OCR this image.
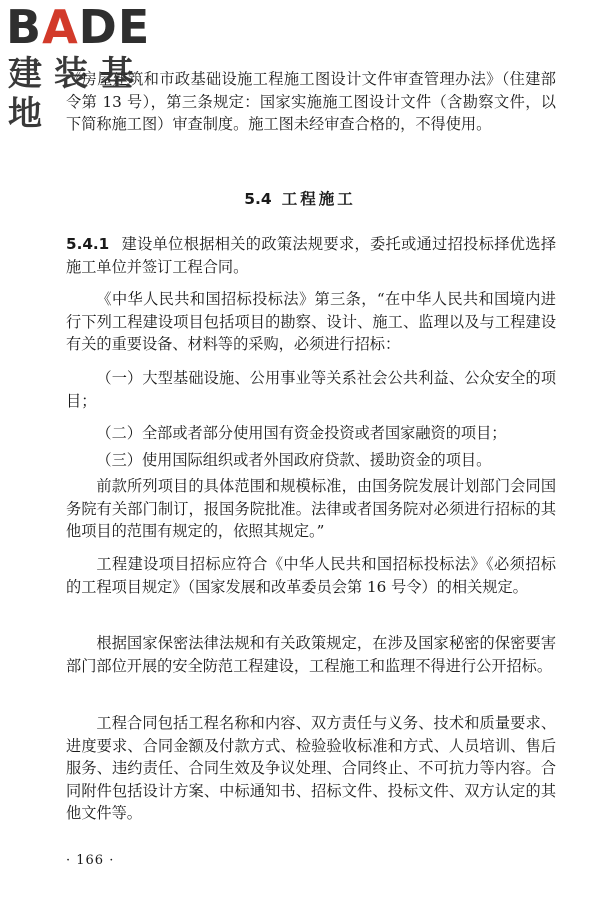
BADE
建装基地

《房屋建筑和市政基础设施工程施工图设计文件审查管理办法》（住建部令第 13 号），第三条规定：国家实施施工图设计文件（含勘察文件，以下简称施工图）审查制度。施工图未经审查合格的，不得使用。

5.4 工程施工

5.4.1 建设单位根据相关的政策法规要求，委托或通过招投标择优选择施工单位并签订工程合同。

《中华人民共和国招标投标法》第三条，“在中华人民共和国境内进行下列工程建设项目包括项目的勘察、设计、施工、监理以及与工程建设有关的重要设备、材料等的采购，必须进行招标：

（一）大型基础设施、公用事业等关系社会公共利益、公众安全的项目；

（二）全部或者部分使用国有资金投资或者国家融资的项目；

（三）使用国际组织或者外国政府贷款、援助资金的项目。

前款所列项目的具体范围和规模标准，由国务院发展计划部门会同国务院有关部门制订，报国务院批准。法律或者国务院对必须进行招标的其他项目的范围有规定的，依照其规定。”

工程建设项目招标应符合《中华人民共和国招标投标法》《必须招标的工程项目规定》（国家发展和改革委员会第 16 号令）的相关规定。

根据国家保密法律法规和有关政策规定，在涉及国家秘密的保密要害部门部位开展的安全防范工程建设，工程施工和监理不得进行公开招标。

工程合同包括工程名称和内容、双方责任与义务、技术和质量要求、进度要求、合同金额及付款方式、检验验收标准和方式、人员培训、售后服务、违约责任、合同生效及争议处理、合同终止、不可抗力等内容。合同附件包括设计方案、中标通知书、招标文件、投标文件、双方认定的其他文件等。

· 166 ·
